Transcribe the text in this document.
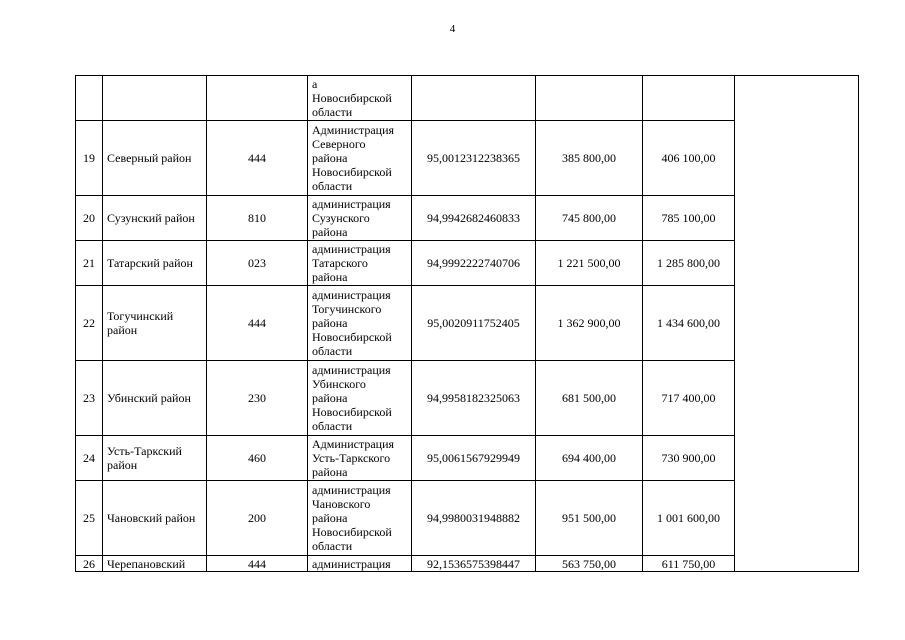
4
			а
Новосибирской
области				
19	Северный район	444	Администрация
Северного
района
Новосибирской
области	95,0012312238365	385 800,00	406 100,00	
20	Сузунский район	810	администрация
Сузунского
района	94,9942682460833	745 800,00	785 100,00	
21	Татарский район	023	администрация
Татарского
района	94,9992222740706	1 221 500,00	1 285 800,00	
22	Тогучинский район	444	администрация
Тогучинского
района
Новосибирской
области	95,0020911752405	1 362 900,00	1 434 600,00	
23	Убинский район	230	администрация
Убинского
района
Новосибирской
области	94,9958182325063	681 500,00	717 400,00	
24	Усть-Таркский район	460	Администрация
Усть-Таркского
района	95,0061567929949	694 400,00	730 900,00	
25	Чановский район	200	администрация
Чановского
района
Новосибирской
области	94,9980031948882	951 500,00	1 001 600,00	
26	Черепановский	444	администрация	92,1536575398447	563 750,00	611 750,00	
